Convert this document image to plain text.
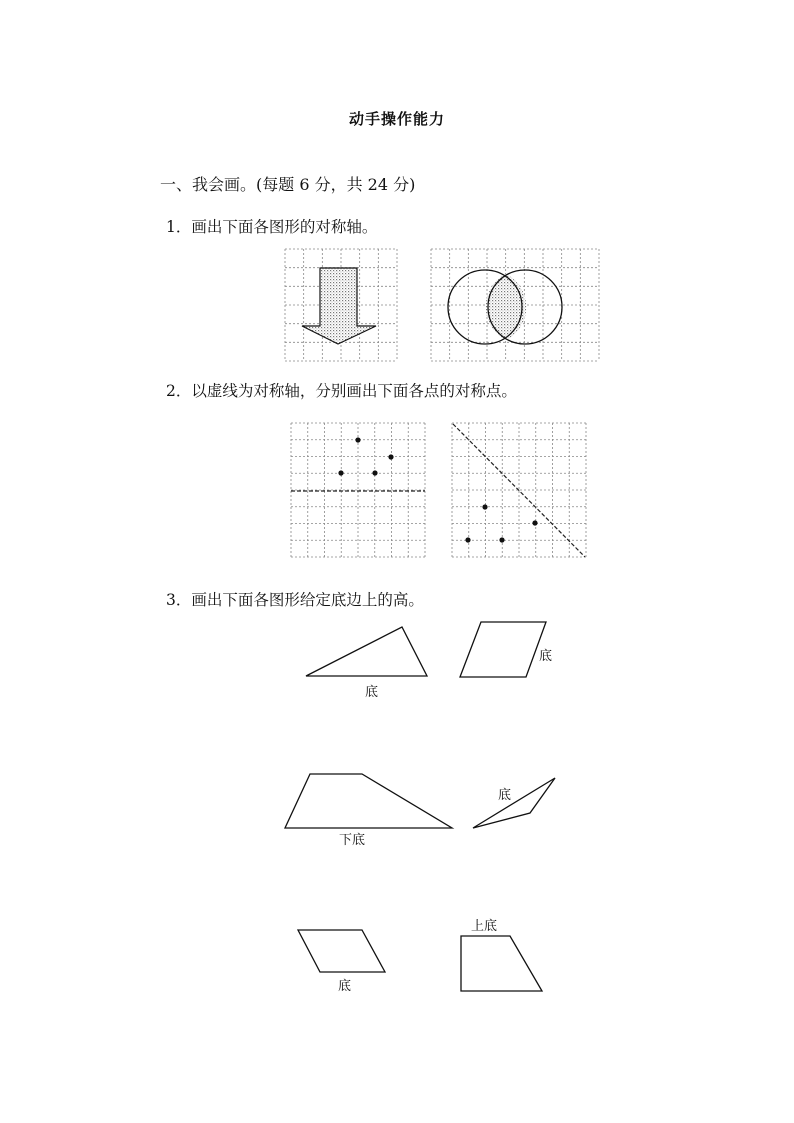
动手操作能力
一、我会画。(每题 6 分，共 24 分)
1．画出下面各图形的对称轴。
2．以虚线为对称轴，分别画出下面各点的对称点。
3．画出下面各图形给定底边上的高。
底
底
下底
底
底
上底
